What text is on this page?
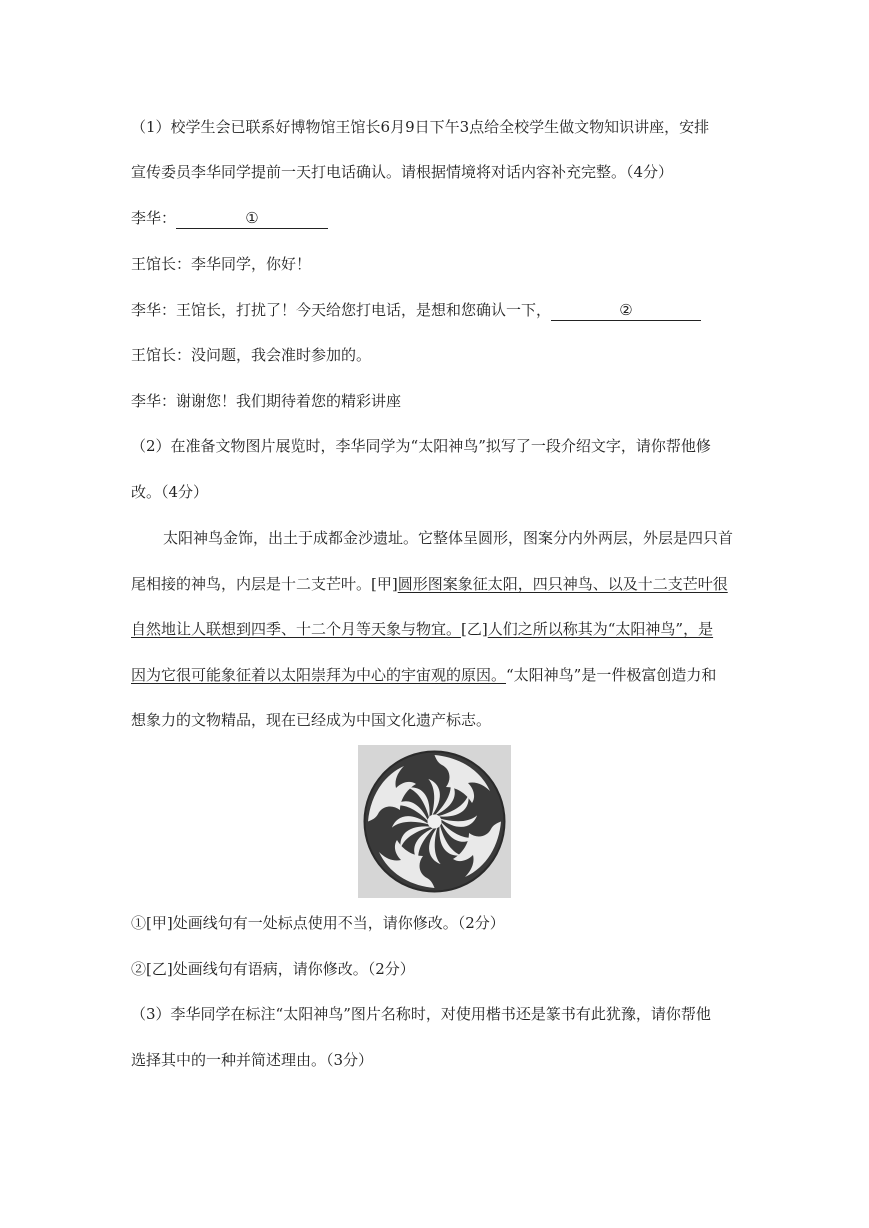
（1）校学生会已联系好博物馆王馆长6月9日下午3点给全校学生做文物知识讲座，安排
宣传委员李华同学提前一天打电话确认。请根据情境将对话内容补充完整。（4分）
李华：	①
王馆长：李华同学，你好！
李华：王馆长，打扰了！今天给您打电话，是想和您确认一下，	②
王馆长：没问题，我会准时参加的。
李华：谢谢您！我们期待着您的精彩讲座
（2）在准备文物图片展览时，李华同学为“太阳神鸟”拟写了一段介绍文字，请你帮他修
改。（4分）
太阳神鸟金饰，出土于成都金沙遗址。它整体呈圆形，图案分内外两层，外层是四只首
尾相接的神鸟，内层是十二支芒叶。[甲]圆形图案象征太阳，四只神鸟、以及十二支芒叶很
自然地让人联想到四季、十二个月等天象与物宜。[乙]人们之所以称其为“太阳神鸟”，是
因为它很可能象征着以太阳崇拜为中心的宇宙观的原因。“太阳神鸟”是一件极富创造力和
想象力的文物精品，现在已经成为中国文化遗产标志。
①[甲]处画线句有一处标点使用不当，请你修改。（2分）
②[乙]处画线句有语病，请你修改。（2分）
（3）李华同学在标注“太阳神鸟”图片名称时，对使用楷书还是篆书有此犹豫，请你帮他
选择其中的一种并简述理由。（3分）
